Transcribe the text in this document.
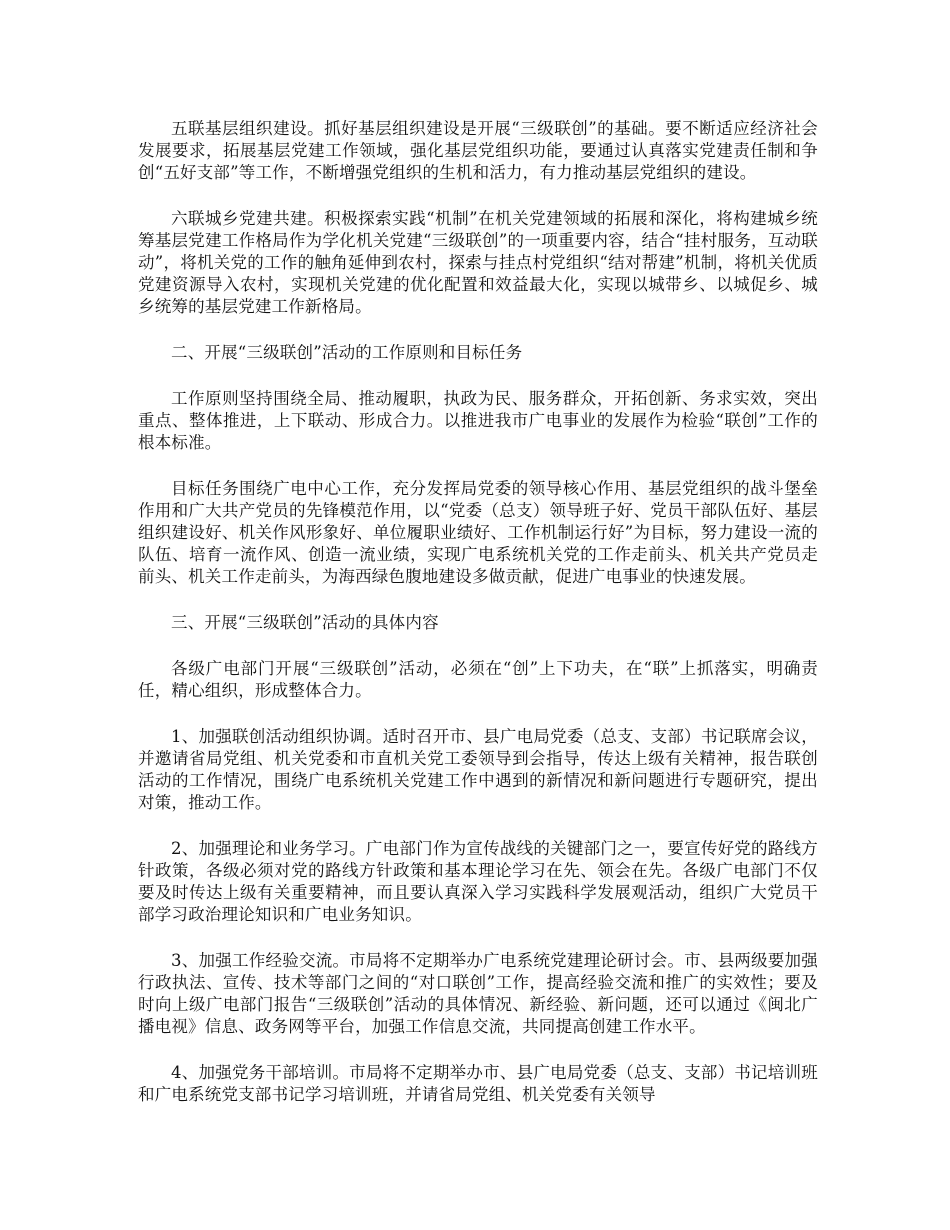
五联基层组织建设。抓好基层组织建设是开展“三级联创”的基础。要不断适应经济社会发展要求，拓展基层党建工作领域，强化基层党组织功能，要通过认真落实党建责任制和争创“五好支部”等工作，不断增强党组织的生机和活力，有力推动基层党组织的建设。

六联城乡党建共建。积极探索实践“机制”在机关党建领域的拓展和深化，将构建城乡统筹基层党建工作格局作为学化机关党建“三级联创”的一项重要内容，结合“挂村服务，互动联动”，将机关党的工作的触角延伸到农村，探索与挂点村党组织“结对帮建”机制，将机关优质党建资源导入农村，实现机关党建的优化配置和效益最大化，实现以城带乡、以城促乡、城乡统筹的基层党建工作新格局。

二、开展“三级联创”活动的工作原则和目标任务

工作原则坚持围绕全局、推动履职，执政为民、服务群众，开拓创新、务求实效，突出重点、整体推进，上下联动、形成合力。以推进我市广电事业的发展作为检验“联创”工作的根本标准。

目标任务围绕广电中心工作，充分发挥局党委的领导核心作用、基层党组织的战斗堡垒作用和广大共产党员的先锋模范作用，以“党委（总支）领导班子好、党员干部队伍好、基层组织建设好、机关作风形象好、单位履职业绩好、工作机制运行好”为目标，努力建设一流的队伍、培育一流作风、创造一流业绩，实现广电系统机关党的工作走前头、机关共产党员走前头、机关工作走前头，为海西绿色腹地建设多做贡献，促进广电事业的快速发展。

三、开展“三级联创”活动的具体内容

各级广电部门开展“三级联创”活动，必须在“创”上下功夫，在“联”上抓落实，明确责任，精心组织，形成整体合力。

1、加强联创活动组织协调。适时召开市、县广电局党委（总支、支部）书记联席会议，并邀请省局党组、机关党委和市直机关党工委领导到会指导，传达上级有关精神，报告联创活动的工作情况，围绕广电系统机关党建工作中遇到的新情况和新问题进行专题研究，提出对策，推动工作。

2、加强理论和业务学习。广电部门作为宣传战线的关键部门之一，要宣传好党的路线方针政策，各级必须对党的路线方针政策和基本理论学习在先、领会在先。各级广电部门不仅要及时传达上级有关重要精神，而且要认真深入学习实践科学发展观活动，组织广大党员干部学习政治理论知识和广电业务知识。

3、加强工作经验交流。市局将不定期举办广电系统党建理论研讨会。市、县两级要加强行政执法、宣传、技术等部门之间的“对口联创”工作，提高经验交流和推广的实效性；要及时向上级广电部门报告“三级联创”活动的具体情况、新经验、新问题，还可以通过《闽北广播电视》信息、政务网等平台，加强工作信息交流，共同提高创建工作水平。

4、加强党务干部培训。市局将不定期举办市、县广电局党委（总支、支部）书记培训班和广电系统党支部书记学习培训班，并请省局党组、机关党委有关领导
